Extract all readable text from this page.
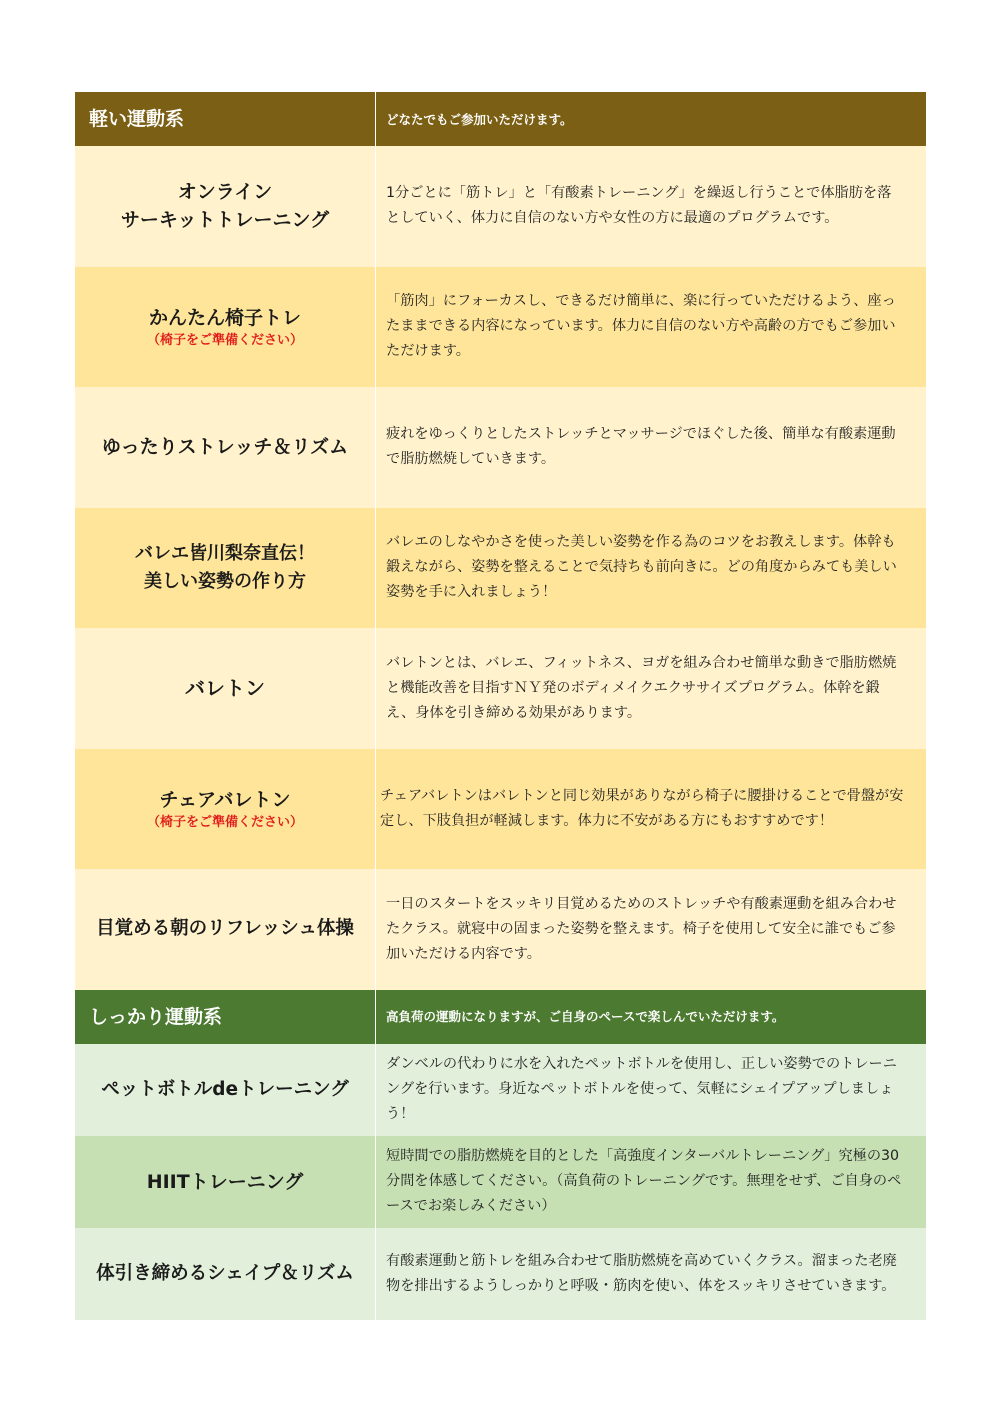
軽い運動系	どなたでもご参加いただけます。
オンライン
サーキットトレーニング
1分ごとに「筋トレ」と「有酸素トレーニング」を繰返し行うことで体脂肪を落としていく、体力に自信のない方や女性の方に最適のプログラムです。
かんたん椅子トレ
（椅子をご準備ください）
「筋肉」にフォーカスし、できるだけ簡単に、楽に行っていただけるよう、座ったままできる内容になっています。体力に自信のない方や高齢の方でもご参加いただけます。
ゆったりストレッチ＆リズム
疲れをゆっくりとしたストレッチとマッサージでほぐした後、簡単な有酸素運動で脂肪燃焼していきます。
バレエ皆川梨奈直伝！
美しい姿勢の作り方
バレエのしなやかさを使った美しい姿勢を作る為のコツをお教えします。体幹も鍛えながら、姿勢を整えることで気持ちも前向きに。どの角度からみても美しい姿勢を手に入れましょう！
バレトン
バレトンとは、バレエ、フィットネス、ヨガを組み合わせ簡単な動きで脂肪燃焼と機能改善を目指すＮＹ発のボディメイクエクササイズプログラム。体幹を鍛え、身体を引き締める効果があります。
チェアバレトン
（椅子をご準備ください）
チェアバレトンはバレトンと同じ効果がありながら椅子に腰掛けることで骨盤が安定し、下肢負担が軽減します。体力に不安がある方にもおすすめです！
目覚める朝のリフレッシュ体操
一日のスタートをスッキリ目覚めるためのストレッチや有酸素運動を組み合わせたクラス。就寝中の固まった姿勢を整えます。椅子を使用して安全に誰でもご参加いただける内容です。
しっかり運動系	高負荷の運動になりますが、ご自身のペースで楽しんでいただけます。
ペットボトルdeトレーニング
ダンベルの代わりに水を入れたペットボトルを使用し、正しい姿勢でのトレーニングを行います。身近なペットボトルを使って、気軽にシェイプアップしましょう！
HIITトレーニング
短時間での脂肪燃焼を目的とした「高強度インターバルトレーニング」究極の30分間を体感してください。（高負荷のトレーニングです。無理をせず、ご自身のペースでお楽しみください）
体引き締めるシェイプ＆リズム
有酸素運動と筋トレを組み合わせて脂肪燃焼を高めていくクラス。溜まった老廃物を排出するようしっかりと呼吸・筋肉を使い、体をスッキリさせていきます。
